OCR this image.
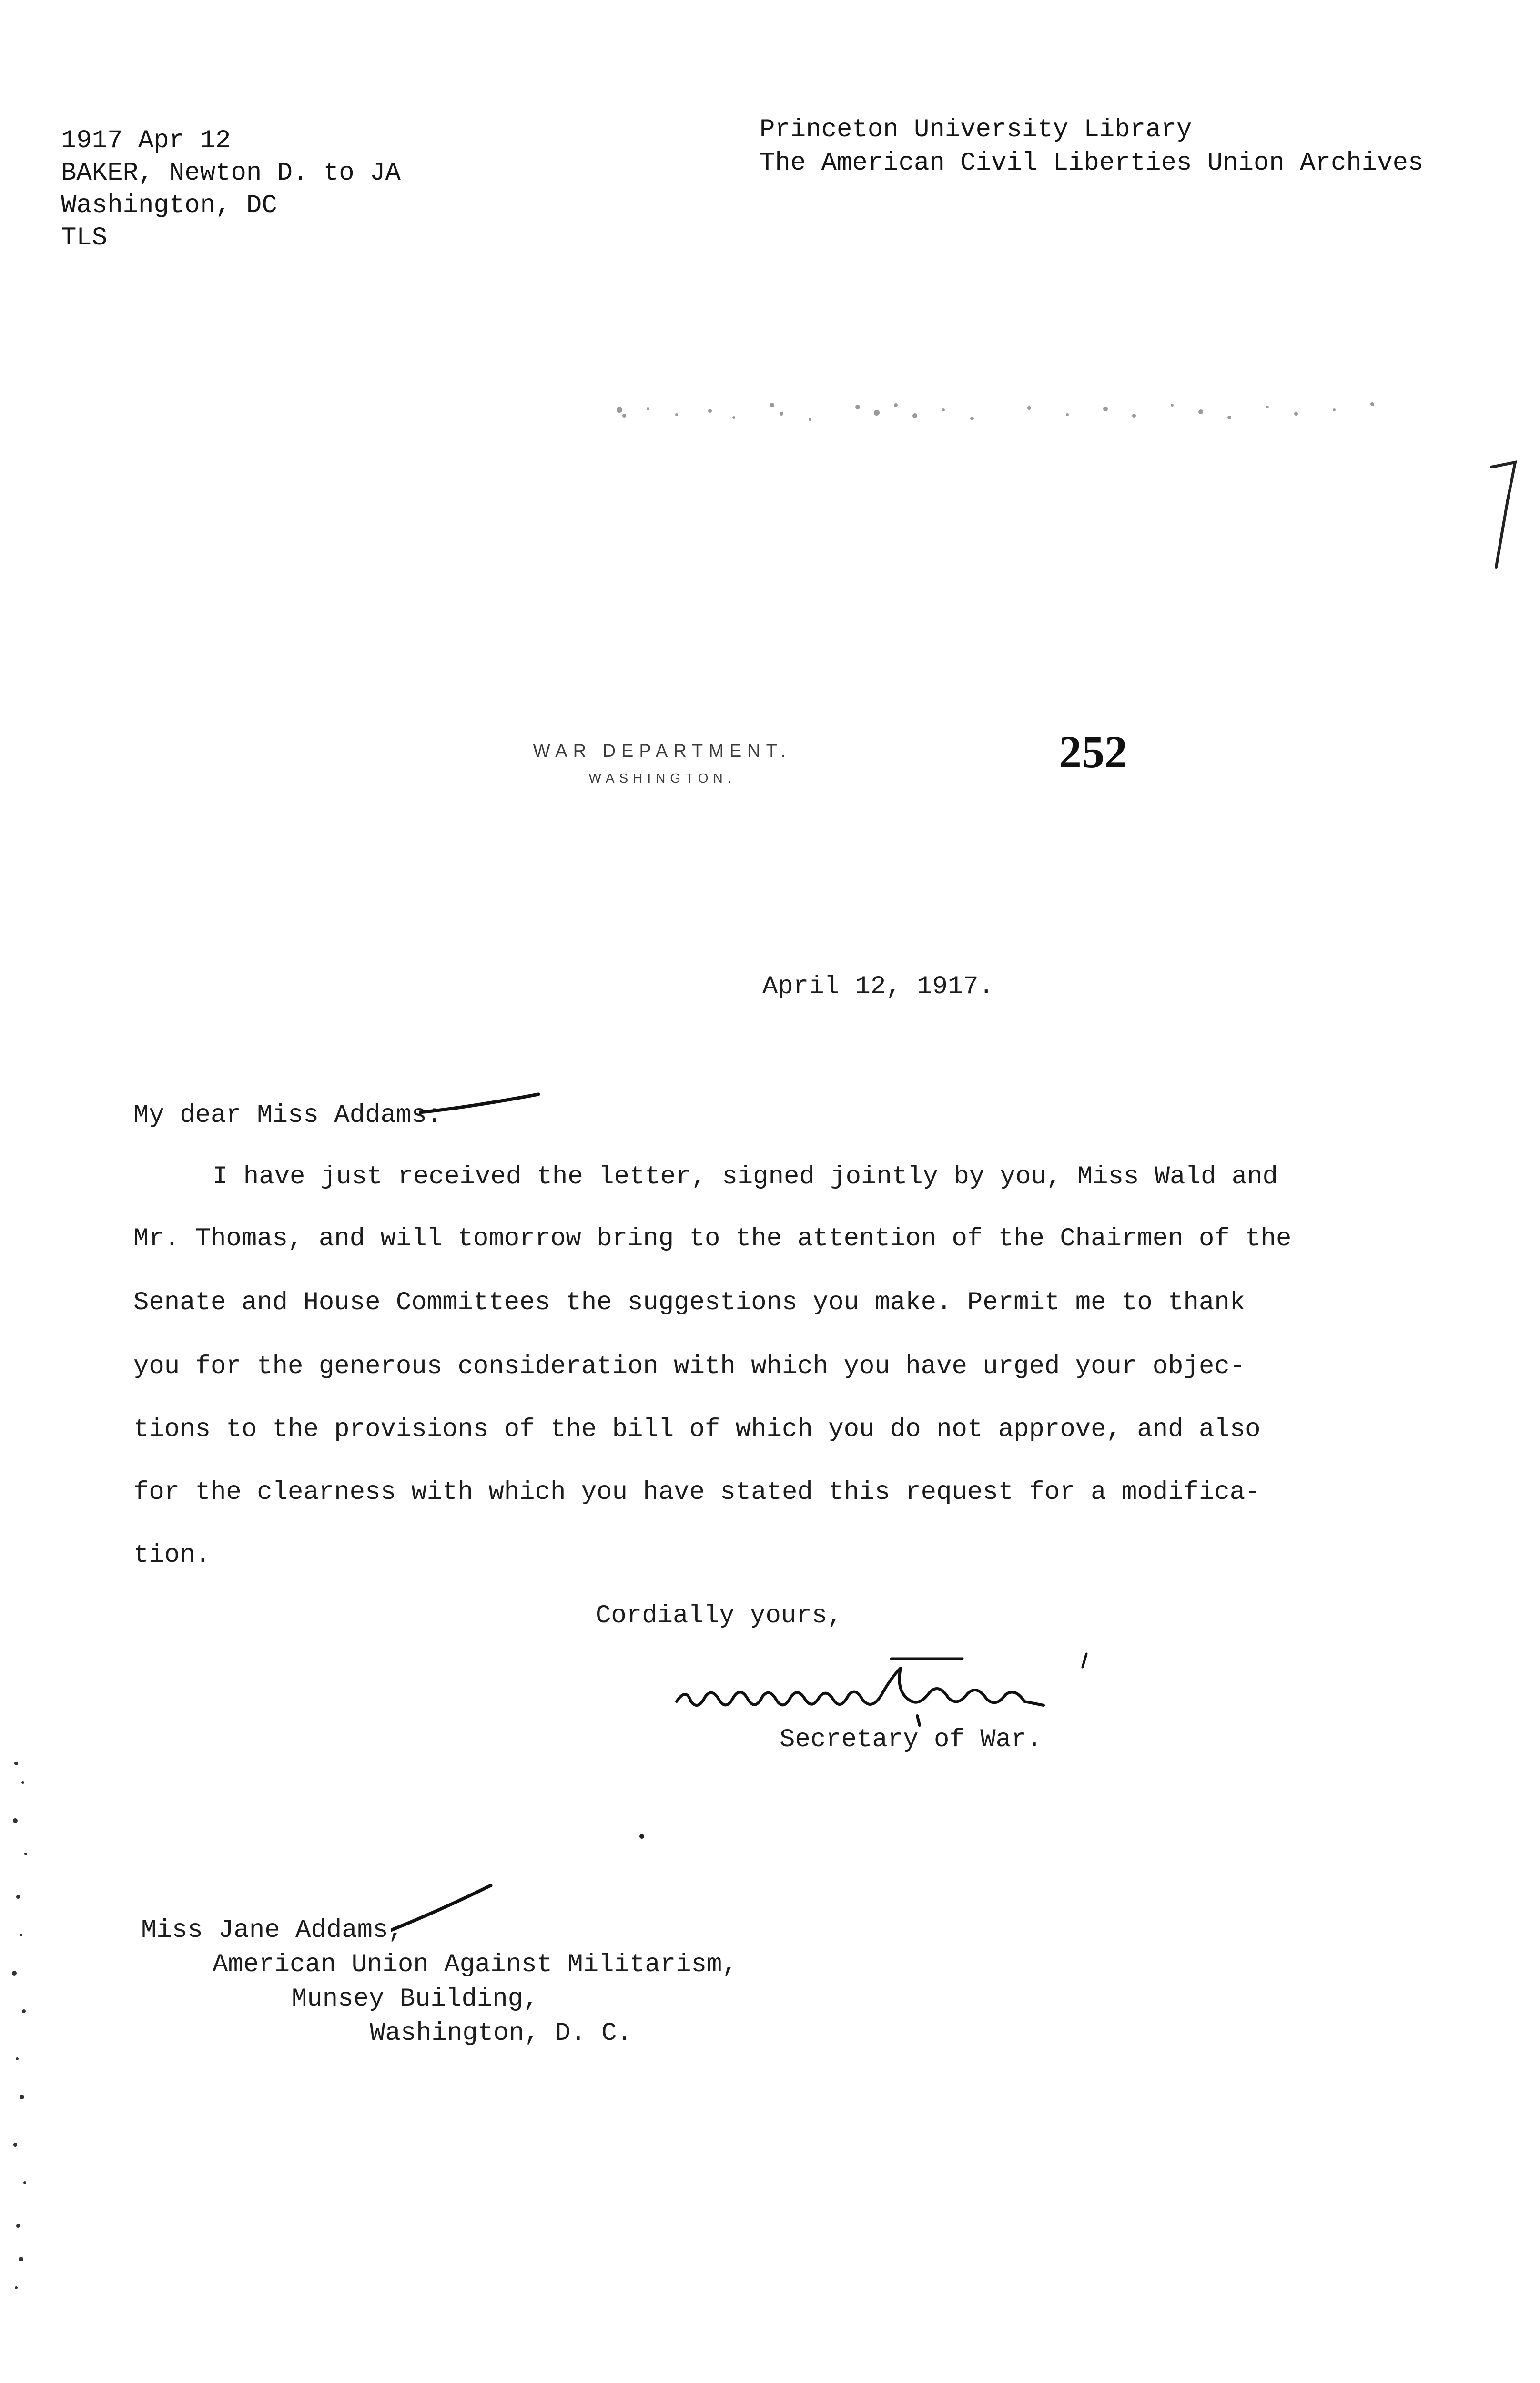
1917 Apr 12
BAKER, Newton D. to JA
Washington, DC
TLS
Princeton University Library
The American Civil Liberties Union Archives
WAR DEPARTMENT.
WASHINGTON.
252
April 12, 1917.
My dear Miss Addams:
I have just received the letter, signed jointly by you, Miss Wald and
Mr. Thomas, and will tomorrow bring to the attention of the Chairmen of the
Senate and House Committees the suggestions you make. Permit me to thank
you for the generous consideration with which you have urged your objec-
tions to the provisions of the bill of which you do not approve, and also
for the clearness with which you have stated this request for a modifica-
tion.
Cordially yours,
Secretary of War.
Miss Jane Addams,
American Union Against Militarism,
Munsey Building,
Washington, D. C.
